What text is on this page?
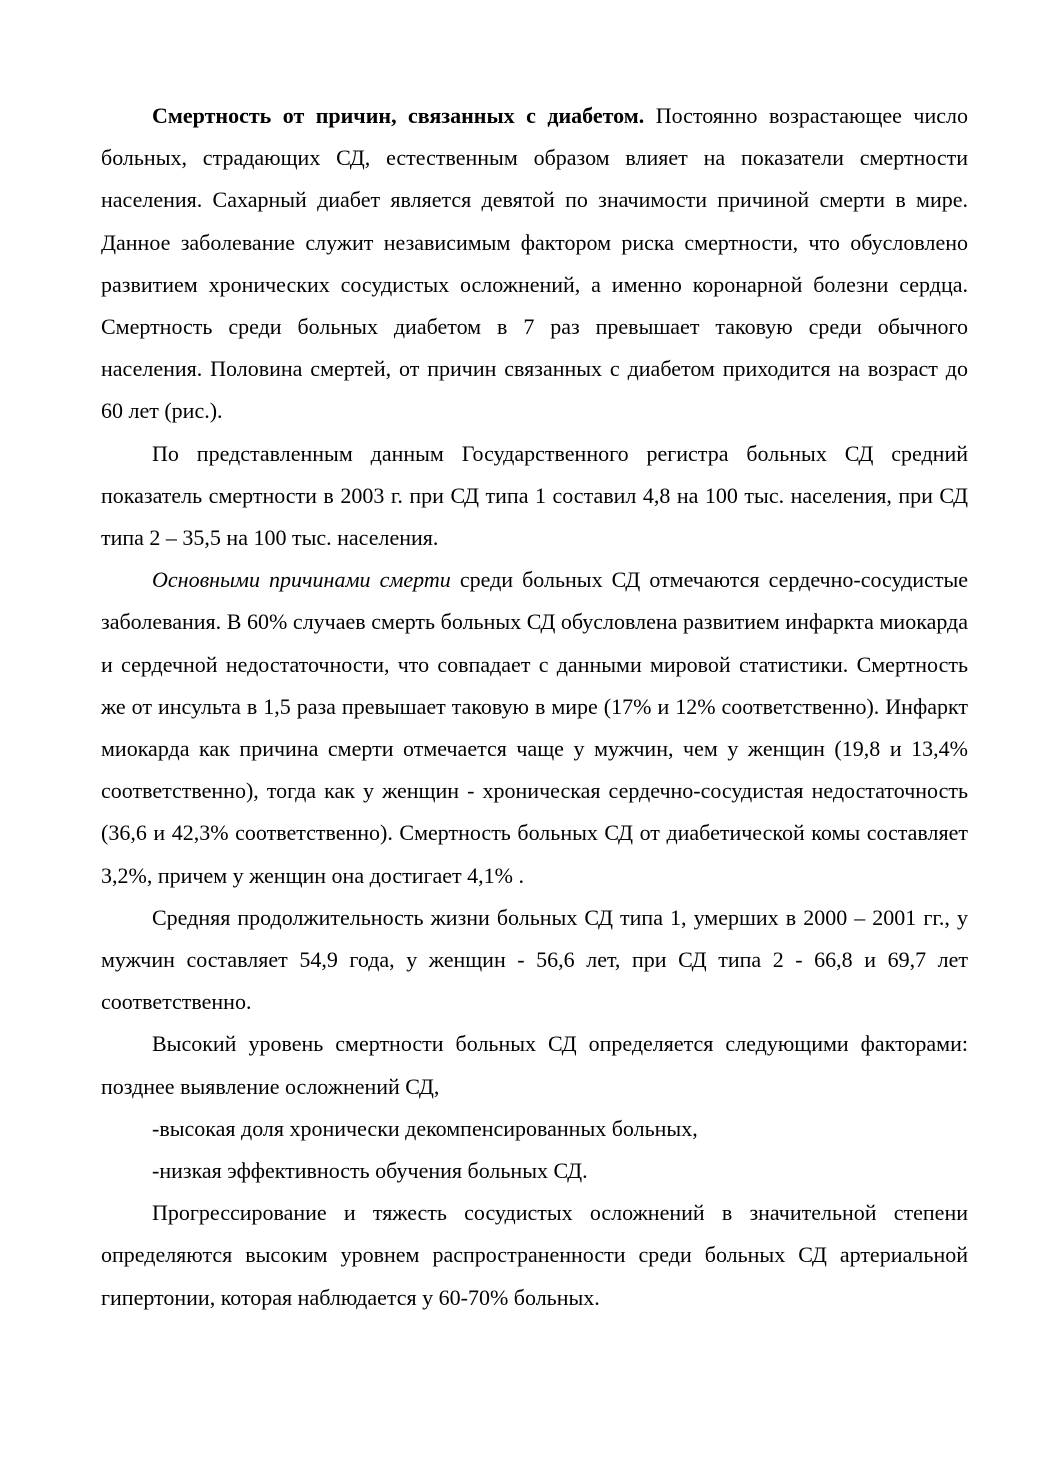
Смертность от причин, связанных с диабетом. Постоянно возрастающее число больных, страдающих СД, естественным образом влияет на показатели смертности населения. Сахарный диабет является девятой по значимости причиной смерти в мире. Данное заболевание служит независимым фактором риска смертности, что обусловлено развитием хронических сосудистых осложнений, а именно коронарной болезни сердца. Смертность среди больных диабетом в 7 раз превышает таковую среди обычного населения. Половина смертей, от причин связанных с диабетом приходится на возраст до 60 лет (рис.).

По представленным данным Государственного регистра больных СД средний показатель смертности в 2003 г. при СД типа 1 составил 4,8 на 100 тыс. населения, при СД типа 2 – 35,5 на 100 тыс. населения.

Основными причинами смерти среди больных СД отмечаются сердечно-сосудистые заболевания. В 60% случаев смерть больных СД обусловлена развитием инфаркта миокарда и сердечной недостаточности, что совпадает с данными мировой статистики. Смертность же от инсульта в 1,5 раза превышает таковую в мире (17% и 12% соответственно). Инфаркт миокарда как причина смерти отмечается чаще у мужчин, чем у женщин (19,8 и 13,4% соответственно), тогда как у женщин - хроническая сердечно-сосудистая недостаточность (36,6 и 42,3% соответственно). Смертность больных СД от диабетической комы составляет 3,2%, причем у женщин она достигает 4,1% .

Средняя продолжительность жизни больных СД типа 1, умерших в 2000 – 2001 гг., у мужчин составляет 54,9 года, у женщин - 56,6 лет, при СД типа 2 - 66,8 и 69,7 лет соответственно.

Высокий уровень смертности больных СД определяется следующими факторами: позднее выявление осложнений СД,

-высокая доля хронически декомпенсированных больных,

-низкая эффективность обучения больных СД.

Прогрессирование и тяжесть сосудистых осложнений в значительной степени определяются высоким уровнем распространенности среди больных СД артериальной гипертонии, которая наблюдается у 60-70% больных.
